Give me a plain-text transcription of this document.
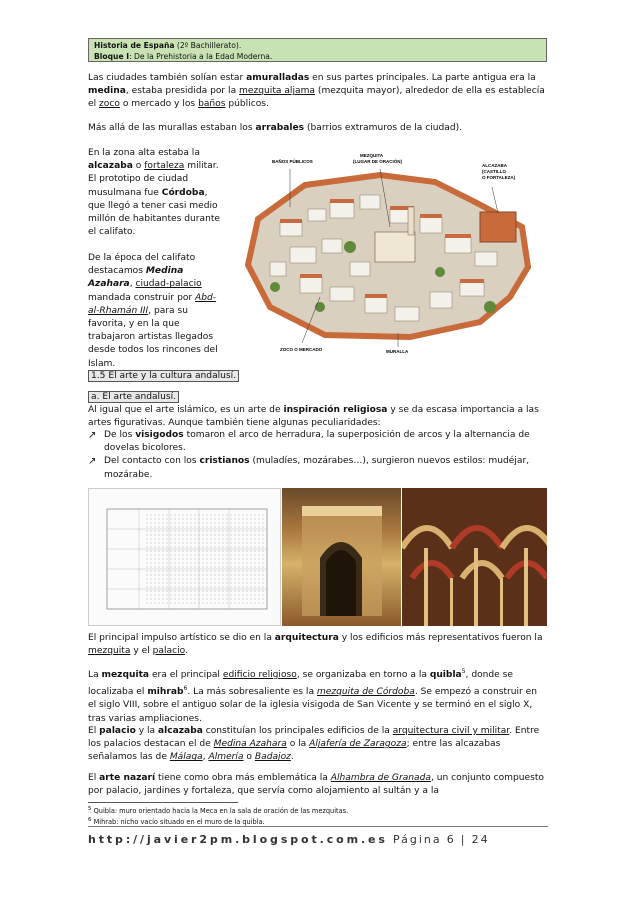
Historia de España (2º Bachillerato).
Bloque I: De la Prehistoria a la Edad Moderna.

Las ciudades también solían estar amuralladas en sus partes principales. La parte antigua era la medina, estaba presidida por la mezquita aljama (mezquita mayor), alrededor de ella es establecía el zoco o mercado y los baños públicos.

Más allá de las murallas estaban los arrabales (barrios extramuros de la ciudad).

En la zona alta estaba la alcazaba o fortaleza militar. El prototipo de ciudad musulmana fue Córdoba, que llegó a tener casi medio millón de habitantes durante el califato.

De la época del califato destacamos Medina Azahara, ciudad-palacio mandada construir por Abd-al-Rhamán III, para su favorita, y en la que trabajaron artistas llegados desde todos los rincones del Islam.

BAÑOS PÚBLICOS
MEZQUITA (LUGAR DE ORACIÓN)
ALCAZABA (CASTILLO O FORTALEZA)
ZOCO O MERCADO	MURALLA
1.5 El arte y la cultura andalusí.
a. El arte andalusí.

Al igual que el arte islámico, es un arte de inspiración religiosa y se da escasa importancia a las artes figurativas. Aunque también tiene algunas peculiaridades:

↗ De los visigodos tomaron el arco de herradura, la superposición de arcos y la alternancia de dovelas bicolores.
↗ Del contacto con los cristianos (muladíes, mozárabes…), surgieron nuevos estilos: mudéjar, mozárabe.

El principal impulso artístico se dio en la arquitectura y los edificios más representativos fueron la mezquita y el palacio.

La mezquita era el principal edificio religioso, se organizaba en torno a la quibla$^5$, donde se localizaba el mihrab$^6$. La más sobresaliente es la mezquita de Córdoba. Se empezó a construir en el siglo VIII, sobre el antiguo solar de la iglesia visigoda de San Vicente y se terminó en el siglo X, tras varias ampliaciones.

El palacio y la alcazaba constituían los principales edificios de la arquitectura civil y militar. Entre los palacios destacan el de Medina Azahara o la Aljafería de Zaragoza; entre las alcazabas señalamos las de Málaga, Almería o Badajoz.

El arte nazarí tiene como obra más emblemática la Alhambra de Granada, un conjunto compuesto por palacio, jardines y fortaleza, que servía como alojamiento al sultán y a la

$^5$ Quibla: muro orientado hacia la Meca en la sala de oración de las mezquitas.
$^6$ Mihrab: nicho vacío situado en el muro de la quibla.
http://javier2pm.blogspot.com.es Página 6 | 24
